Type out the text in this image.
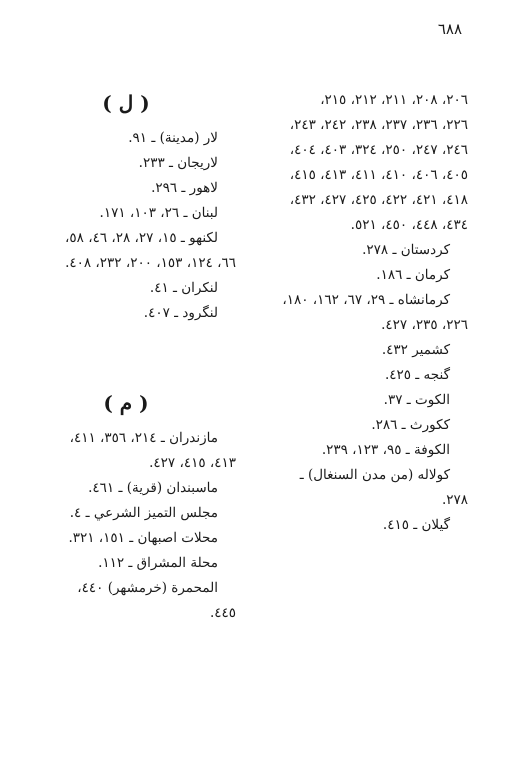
٦٨٨
٢٠٦، ٢٠٨، ٢١١، ٢١٢، ٢١٥،
٢٢٦، ٢٣٦، ٢٣٧، ٢٣٨، ٢٤٢، ٢٤٣،
٢٤٦، ٢٤٧، ٢٥٠، ٣٢٤، ٤٠٣، ٤٠٤،
٤٠٥، ٤٠٦، ٤١٠، ٤١١، ٤١٣، ٤١٥،
٤١٨، ٤٢١، ٤٢٢، ٤٢٥، ٤٢٧، ٤٣٢،
٤٣٤، ٤٤٨، ٤٥٠، ٥٢١.
كردستان ـ ٢٧٨.
كرمان ـ ١٨٦.
كرمانشاه ـ ٢٩، ٦٧، ١٦٢، ١٨٠،
٢٢٦، ٢٣٥، ٤٢٧.
كشمير ٤٣٢.
گنجه ـ ٤٢٥.
الكوت ـ ٣٧.
ككورث ـ ٢٨٦.
الكوفة ـ ٩٥، ١٢٣، ٢٣٩.
كولاله (من مدن السنغال) ـ
٢٧٨.
گيلان ـ ٤١٥.
( ل )
لار (مدينة) ـ ٩١.
لاريجان ـ ٢٣٣.
لاهور ـ ٢٩٦.
لبنان ـ ٢٦، ١٠٣، ١٧١.
لكنهو ـ ١٥، ٢٧، ٢٨، ٤٦، ٥٨،
٦٦، ١٢٤، ١٥٣، ٢٠٠، ٢٣٢، ٤٠٨.
لنكران ـ ٤١.
لنگرود ـ ٤٠٧.
( م )
مازندران ـ ٢١٤، ٣٥٦، ٤١١،
٤١٣، ٤١٥، ٤٢٧.
ماسبندان (قرية) ـ ٤٦١.
مجلس التميز الشرعي ـ ٤.
محلات اصبهان ـ ١٥١، ٣٢١.
محلة المشراق ـ ١١٢.
المحمرة (خرمشهر) ٤٤٠،
٤٤٥.
